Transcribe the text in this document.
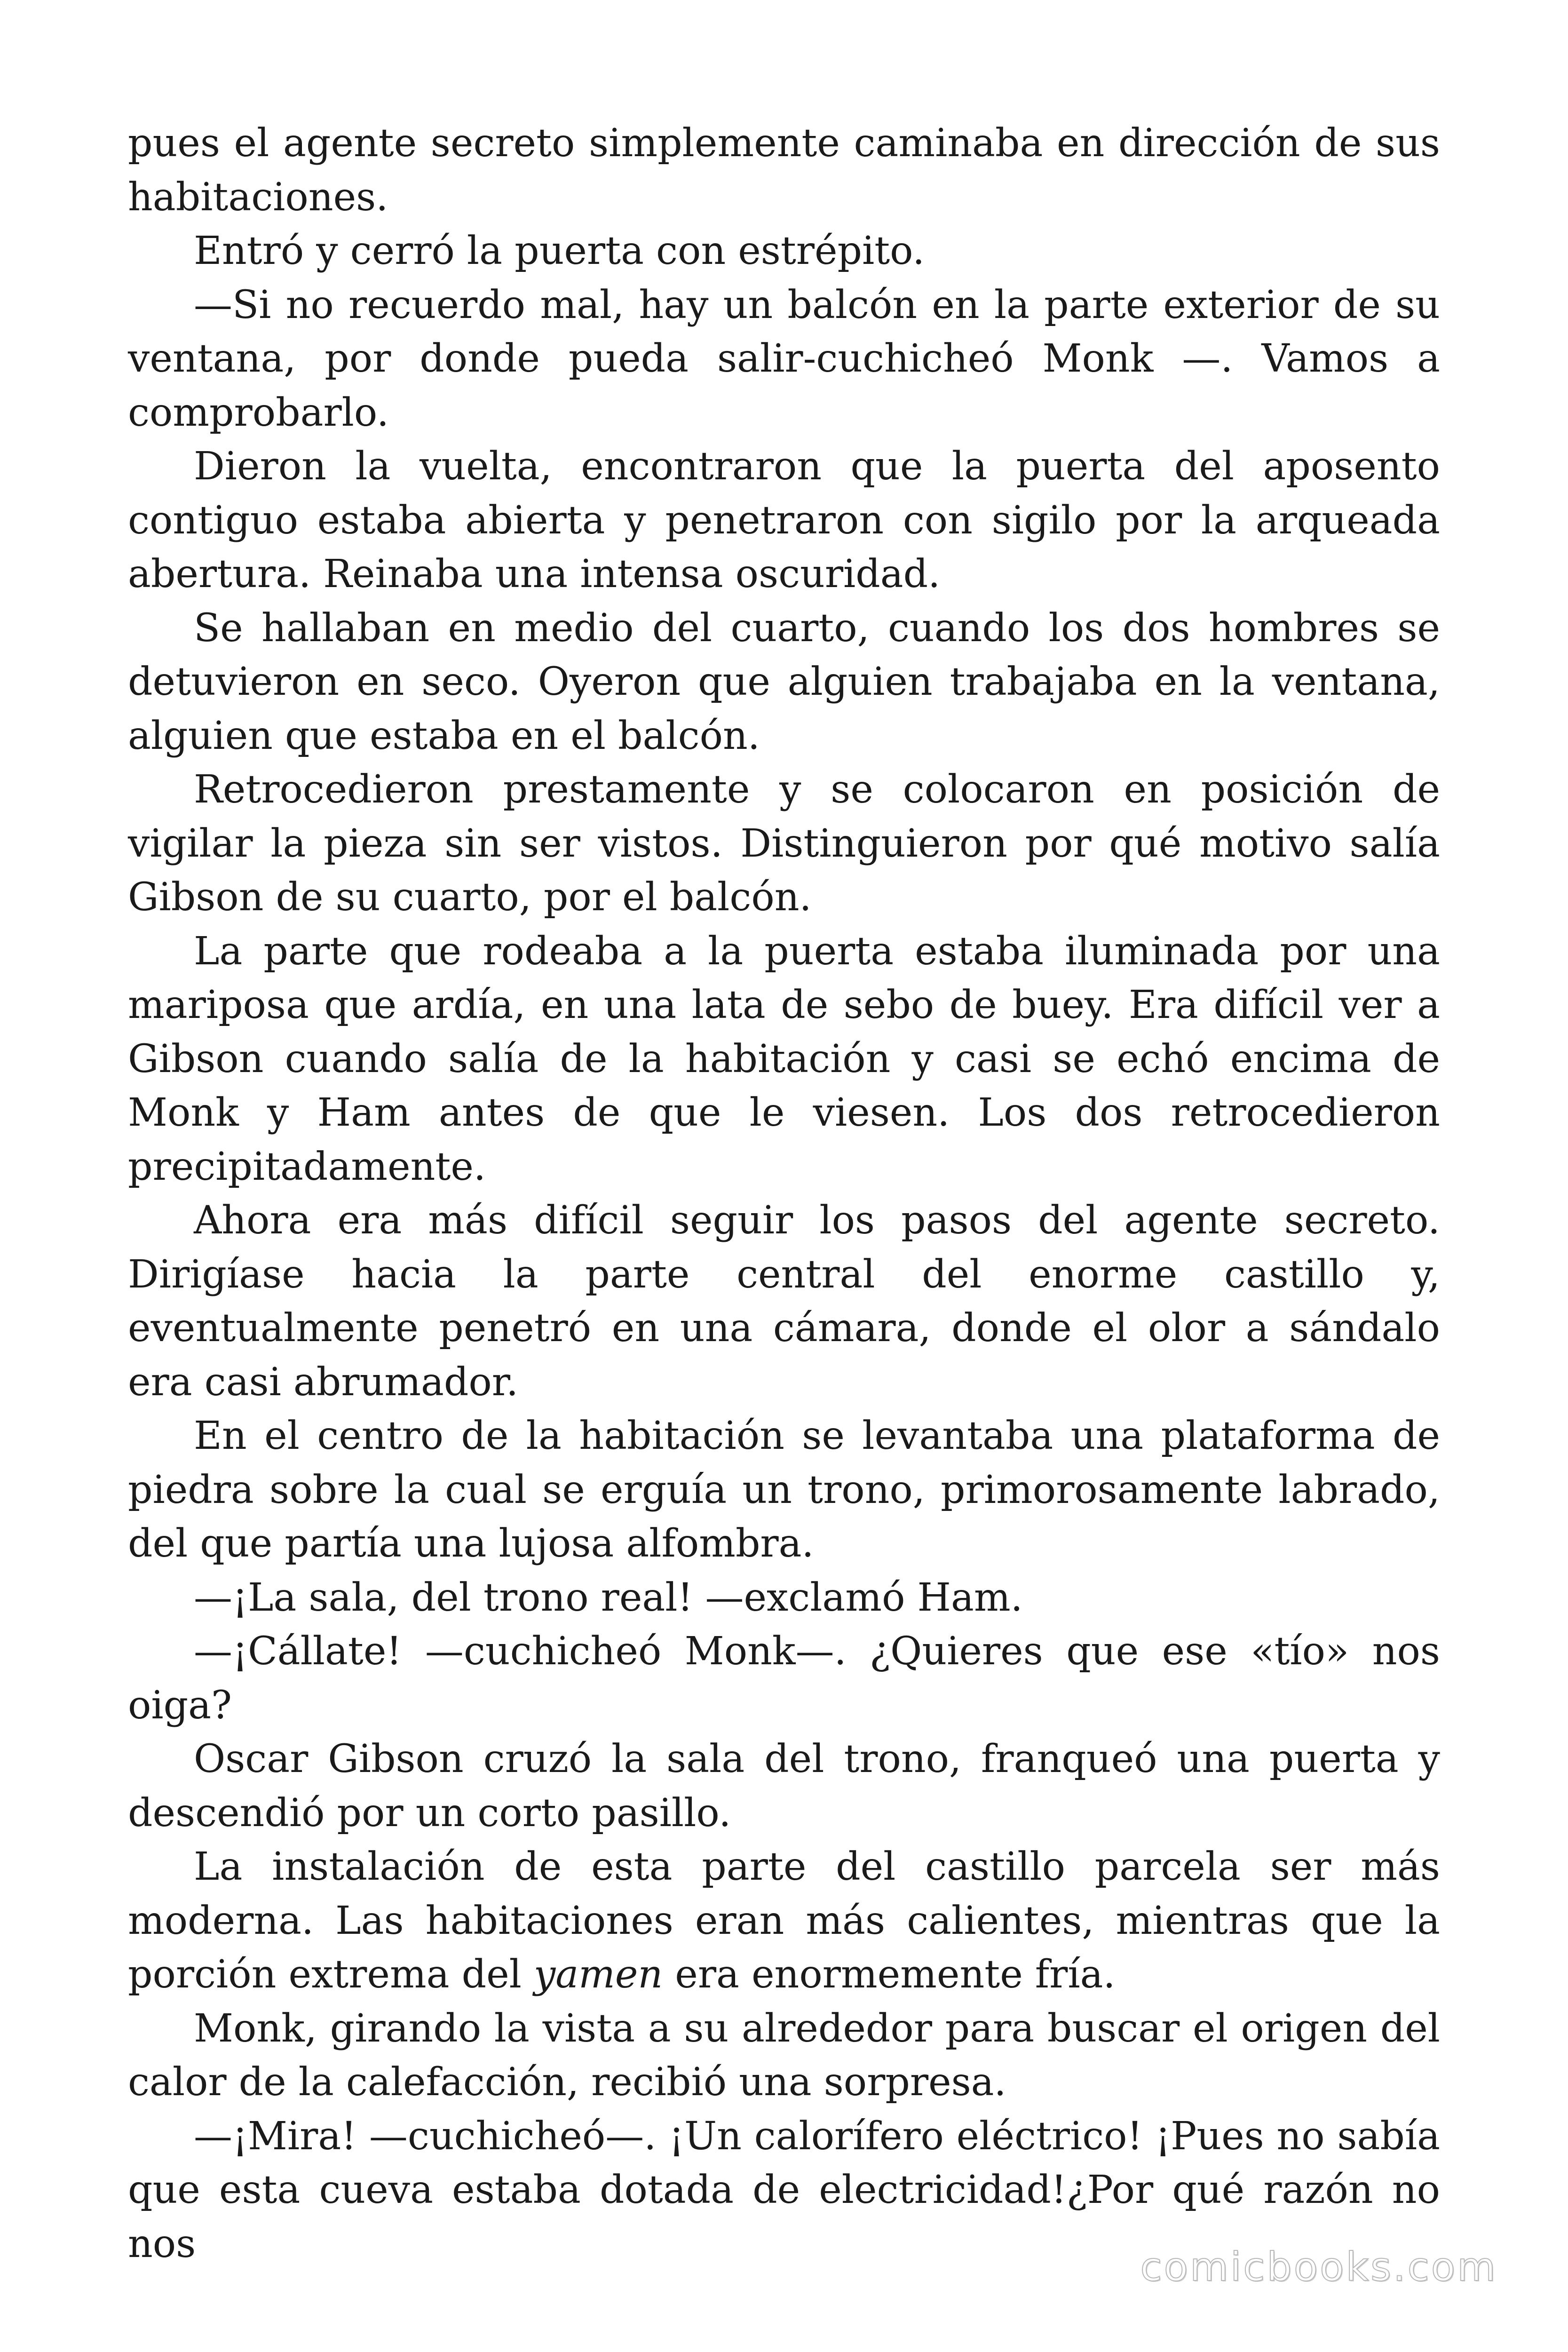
pues el agente secreto simplemente caminaba en dirección de sus habitaciones.

Entró y cerró la puerta con estrépito.

—Si no recuerdo mal, hay un balcón en la parte exterior de su ventana, por donde pueda salir-cuchicheó Monk —. Vamos a comprobarlo.

Dieron la vuelta, encontraron que la puerta del aposento contiguo estaba abierta y penetraron con sigilo por la arqueada abertura. Reinaba una intensa oscuridad.

Se hallaban en medio del cuarto, cuando los dos hombres se detuvieron en seco. Oyeron que alguien trabajaba en la ventana, alguien que estaba en el balcón.

Retrocedieron prestamente y se colocaron en posición de vigilar la pieza sin ser vistos. Distinguieron por qué motivo salía Gibson de su cuarto, por el balcón.

La parte que rodeaba a la puerta estaba iluminada por una mariposa que ardía, en una lata de sebo de buey. Era difícil ver a Gibson cuando salía de la habitación y casi se echó encima de Monk y Ham antes de que le viesen. Los dos retrocedieron precipitadamente.

Ahora era más difícil seguir los pasos del agente secreto. Dirigíase hacia la parte central del enorme castillo y, eventualmente penetró en una cámara, donde el olor a sándalo era casi abrumador.

En el centro de la habitación se levantaba una plataforma de piedra sobre la cual se erguía un trono, primorosamente labrado, del que partía una lujosa alfombra.

—¡La sala, del trono real! —exclamó Ham.

—¡Cállate! —cuchicheó Monk—. ¿Quieres que ese «tío» nos oiga?

Oscar Gibson cruzó la sala del trono, franqueó una puerta y descendió por un corto pasillo.

La instalación de esta parte del castillo parcela ser más moderna. Las habitaciones eran más calientes, mientras que la porción extrema del yamen era enormemente fría.

Monk, girando la vista a su alrededor para buscar el origen del calor de la calefacción, recibió una sorpresa.

—¡Mira! —cuchicheó—. ¡Un calorífero eléctrico! ¡Pues no sabía que esta cueva estaba dotada de electricidad!¿Por qué razón no nos	comicbooks.com
